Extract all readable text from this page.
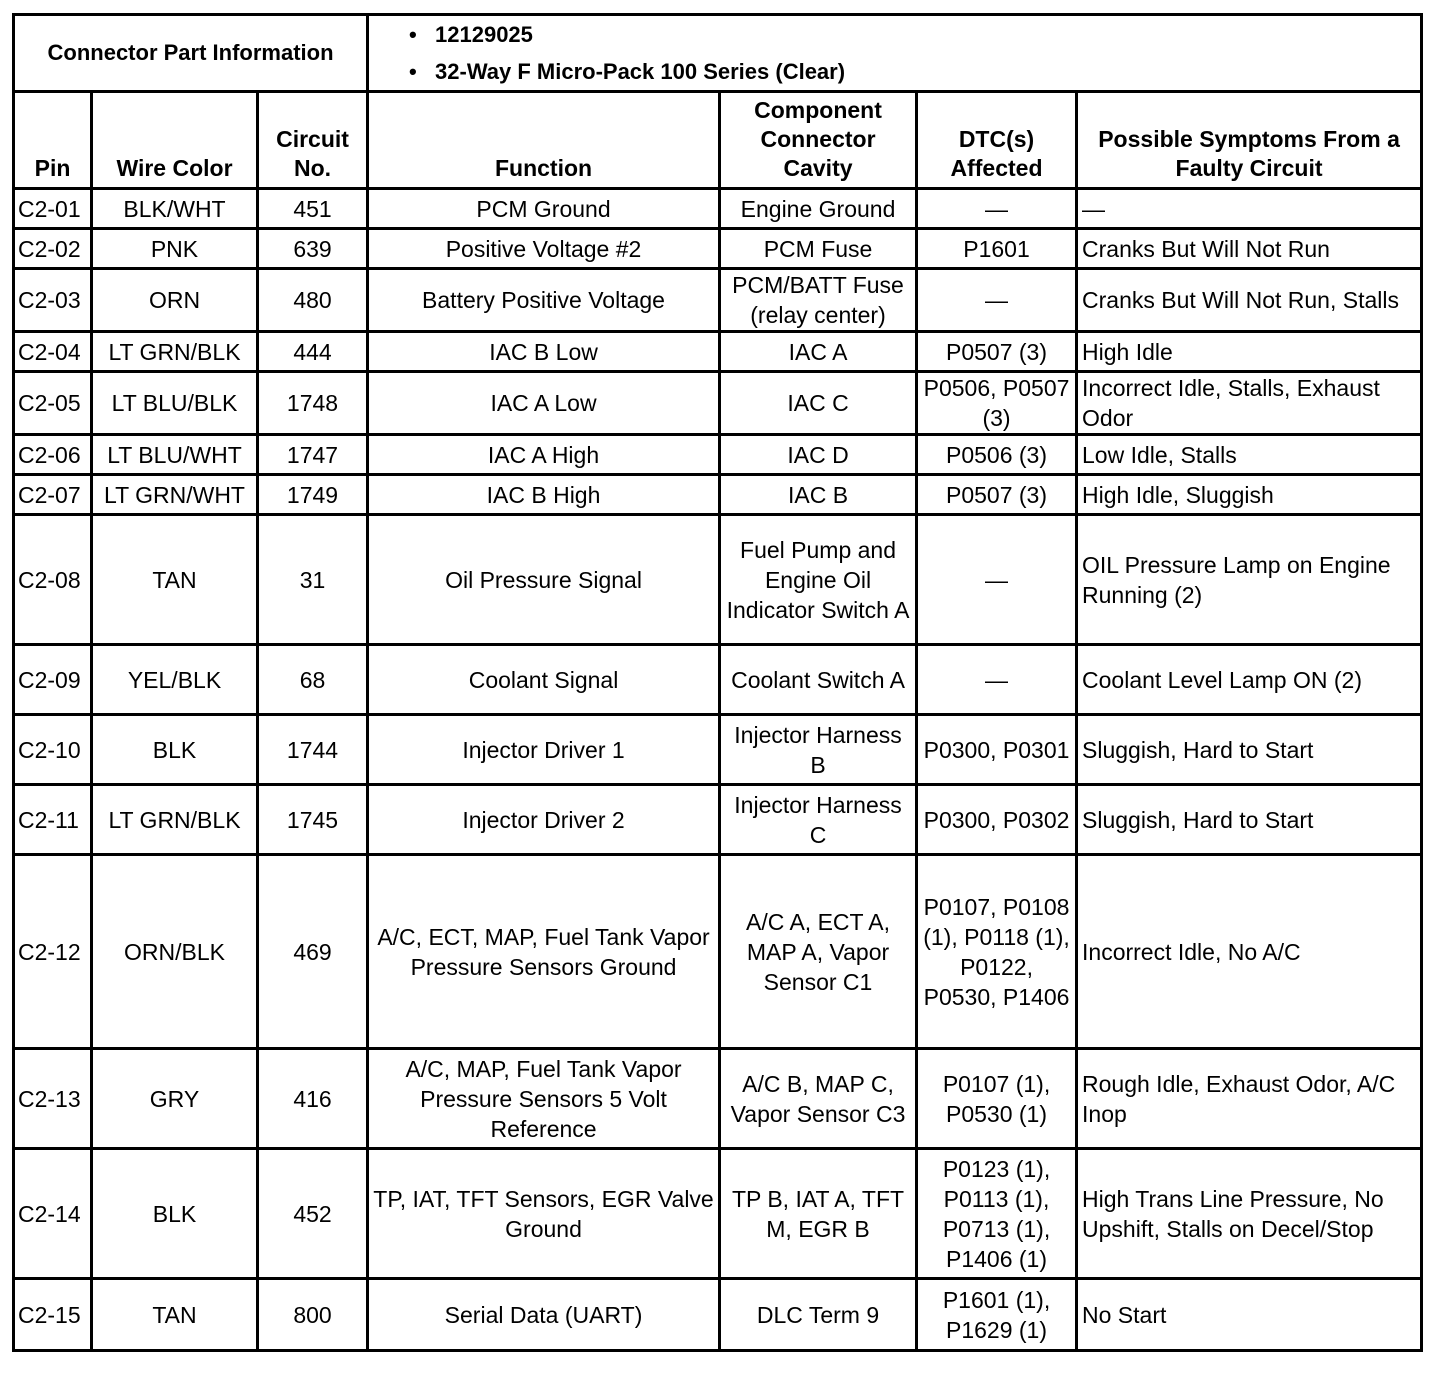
Connector Part Information			• 12129025
• 32-Way F Micro-Pack 100 Series (Clear)			

Pin	Wire Color	Circuit No.	Function	Component Connector Cavity	DTC(s) Affected	Possible Symptoms From a Faulty Circuit
C2-01	BLK/WHT	451	PCM Ground	Engine Ground	—	—
C2-02	PNK	639	Positive Voltage #2	PCM Fuse	P1601	Cranks But Will Not Run
C2-03	ORN	480	Battery Positive Voltage	PCM/BATT Fuse (relay center)	—	Cranks But Will Not Run, Stalls
C2-04	LT GRN/BLK	444	IAC B Low	IAC A	P0507 (3)	High Idle
C2-05	LT BLU/BLK	1748	IAC A Low	IAC C	P0506, P0507 (3)	Incorrect Idle, Stalls, Exhaust Odor
C2-06	LT BLU/WHT	1747	IAC A High	IAC D	P0506 (3)	Low Idle, Stalls
C2-07	LT GRN/WHT	1749	IAC B High	IAC B	P0507 (3)	High Idle, Sluggish
C2-08	TAN	31	Oil Pressure Signal	Fuel Pump and Engine Oil Indicator Switch A	—	OIL Pressure Lamp on Engine Running (2)
C2-09	YEL/BLK	68	Coolant Signal	Coolant Switch A	—	Coolant Level Lamp ON (2)
C2-10	BLK	1744	Injector Driver 1	Injector Harness B	P0300, P0301	Sluggish, Hard to Start
C2-11	LT GRN/BLK	1745	Injector Driver 2	Injector Harness C	P0300, P0302	Sluggish, Hard to Start
C2-12	ORN/BLK	469	A/C, ECT, MAP, Fuel Tank Vapor Pressure Sensors Ground	A/C A, ECT A, MAP A, Vapor Sensor C1	P0107, P0108 (1), P0118 (1), P0122, P0530, P1406	Incorrect Idle, No A/C
C2-13	GRY	416	A/C, MAP, Fuel Tank Vapor Pressure Sensors 5 Volt Reference	A/C B, MAP C, Vapor Sensor C3	P0107 (1), P0530 (1)	Rough Idle, Exhaust Odor, A/C Inop
C2-14	BLK	452	TP, IAT, TFT Sensors, EGR Valve Ground	TP B, IAT A, TFT M, EGR B	P0123 (1), P0113 (1), P0713 (1), P1406 (1)	High Trans Line Pressure, No Upshift, Stalls on Decel/Stop
C2-15	TAN	800	Serial Data (UART)	DLC Term 9	P1601 (1), P1629 (1)	No Start
